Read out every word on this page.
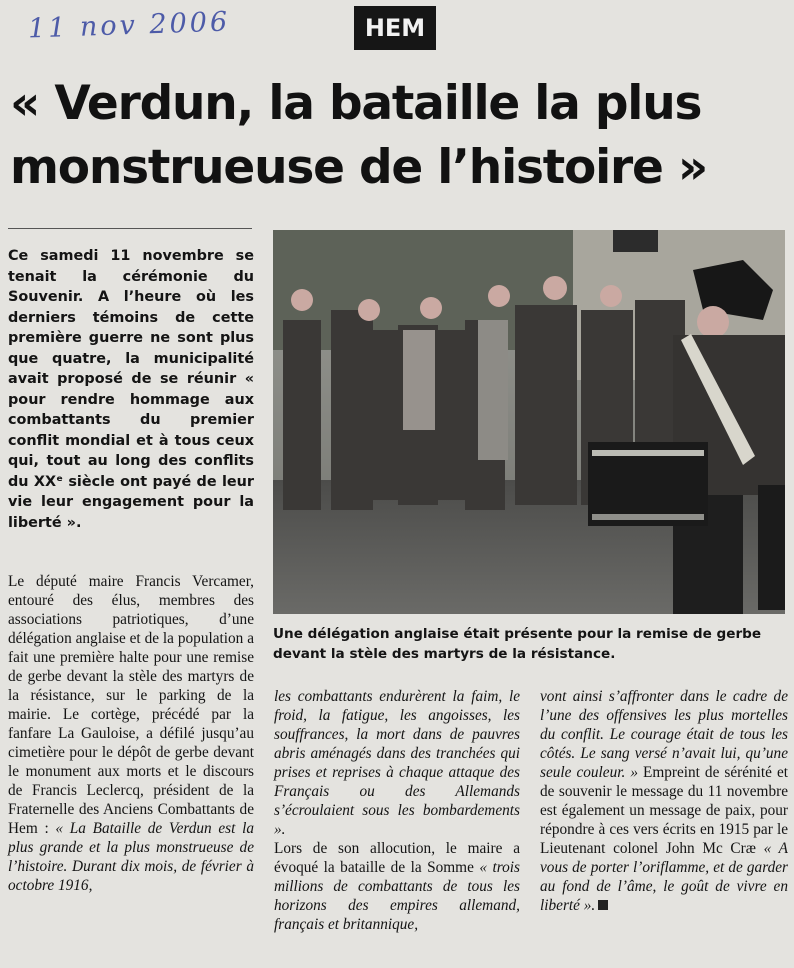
11 nov 2006	HEM
« Verdun, la bataille la plus
monstrueuse de l’histoire »

Ce samedi 11 novembre se tenait la cérémonie du Souvenir. A l’heure où les derniers témoins de cette première guerre ne sont plus que quatre, la municipalité avait proposé de se réunir « pour rendre hommage aux combattants du premier conflit mondial et à tous ceux qui, tout au long des conflits du XXᵉ siècle ont payé de leur vie leur engagement pour la liberté ».

Le député maire Francis Vercamer, entouré des élus, membres des associations patriotiques, d’une délégation anglaise et de la population a fait une première halte pour une remise de gerbe devant la stèle des martyrs de la résistance, sur le parking de la mairie. Le cortège, précédé par la fanfare La Gauloise, a défilé jusqu’au cimetière pour le dépôt de gerbe devant le monument aux morts et le discours de Francis Leclercq, président de la Fraternelle des Anciens Combattants de Hem : « La Bataille de Verdun est la plus grande et la plus monstrueuse de l’histoire. Durant dix mois, de février à octobre 1916,

Une délégation anglaise était présente pour la remise de gerbe devant la stèle des martyrs de la résistance.

les combattants endurèrent la faim, le froid, la fatigue, les angoisses, les souffrances, la mort dans de pauvres abris aménagés dans des tranchées qui prises et reprises à chaque attaque des Français ou des Allemands s’écroulaient sous les bombardements ».

Lors de son allocution, le maire a évoqué la bataille de la Somme « trois millions de combattants de tous les horizons des empires allemand, français et britannique,

vont ainsi s’affronter dans le cadre de l’une des offensives les plus mortelles du conflit. Le courage était de tous les côtés. Le sang versé n’avait lui, qu’une seule couleur. » Empreint de sérénité et de souvenir le message du 11 novembre est également un message de paix, pour répondre à ces vers écrits en 1915 par le Lieutenant colonel John Mc Cræ « A vous de porter l’oriflamme, et de garder au fond de l’âme, le goût de vivre en liberté ».
